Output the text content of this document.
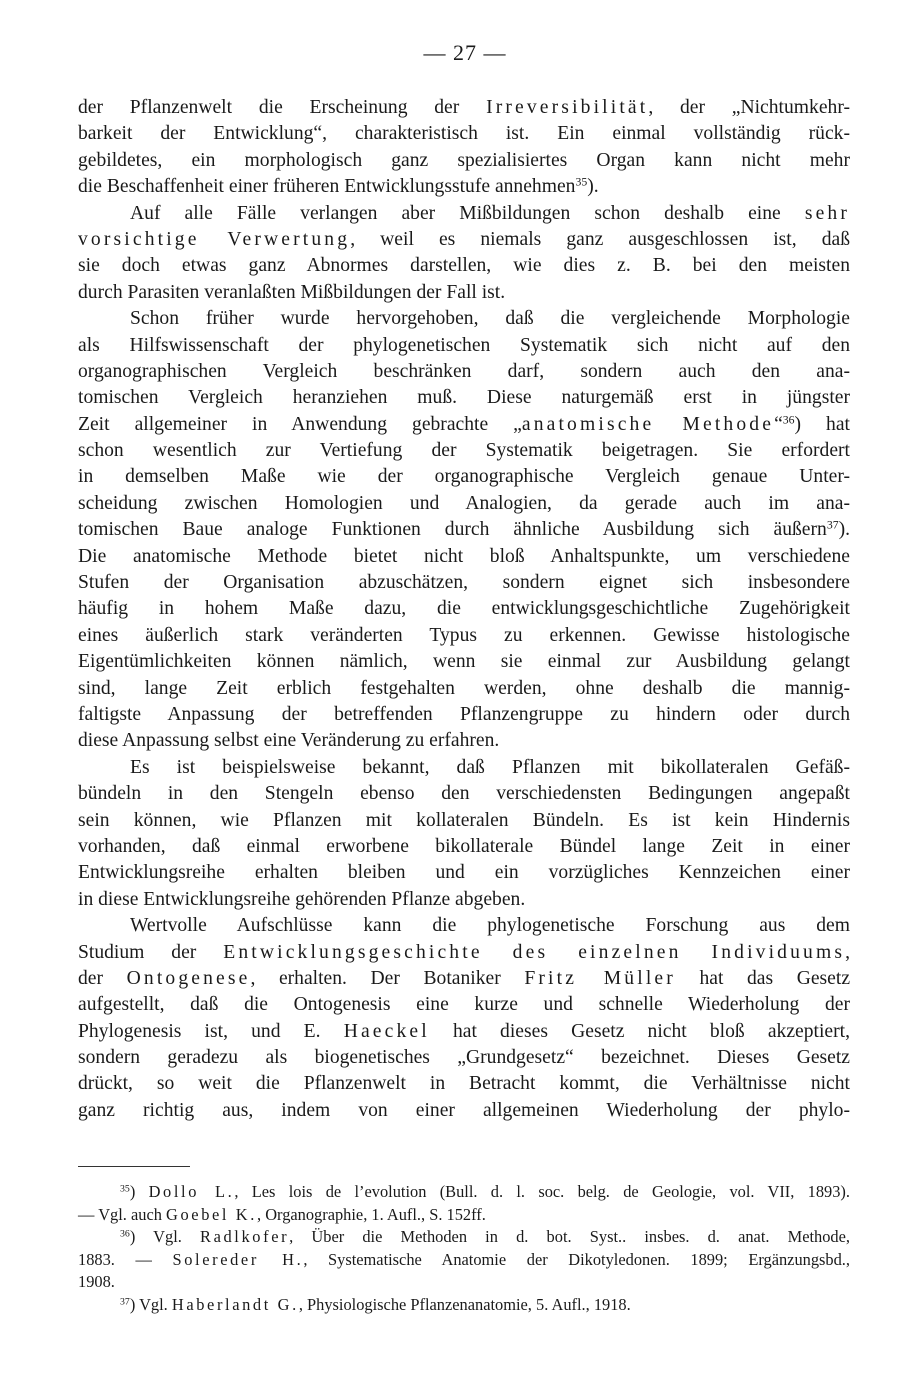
— 27 —
der Pflanzenwelt die Erscheinung der Irreversibilität, der „Nichtumkehr-
barkeit der Entwicklung“, charakteristisch ist. Ein einmal vollständig rück-
gebildetes, ein morphologisch ganz spezialisiertes Organ kann nicht mehr
die Beschaffenheit einer früheren Entwicklungsstufe annehmen$^{35}$).
Auf alle Fälle verlangen aber Mißbildungen schon deshalb eine sehr
vorsichtige Verwertung, weil es niemals ganz ausgeschlossen ist, daß
sie doch etwas ganz Abnormes darstellen, wie dies z. B. bei den meisten
durch Parasiten veranlaßten Mißbildungen der Fall ist.
Schon früher wurde hervorgehoben, daß die vergleichende Morphologie
als Hilfswissenschaft der phylogenetischen Systematik sich nicht auf den
organographischen Vergleich beschränken darf, sondern auch den ana-
tomischen Vergleich heranziehen muß. Diese naturgemäß erst in jüngster
Zeit allgemeiner in Anwendung gebrachte „anatomische Methode“$^{36}$) hat
schon wesentlich zur Vertiefung der Systematik beigetragen. Sie erfordert
in demselben Maße wie der organographische Vergleich genaue Unter-
scheidung zwischen Homologien und Analogien, da gerade auch im ana-
tomischen Baue analoge Funktionen durch ähnliche Ausbildung sich äußern$^{37}$).
Die anatomische Methode bietet nicht bloß Anhaltspunkte, um verschiedene
Stufen der Organisation abzuschätzen, sondern eignet sich insbesondere
häufig in hohem Maße dazu, die entwicklungsgeschichtliche Zugehörigkeit
eines äußerlich stark veränderten Typus zu erkennen. Gewisse histologische
Eigentümlichkeiten können nämlich, wenn sie einmal zur Ausbildung gelangt
sind, lange Zeit erblich festgehalten werden, ohne deshalb die mannig-
faltigste Anpassung der betreffenden Pflanzengruppe zu hindern oder durch
diese Anpassung selbst eine Veränderung zu erfahren.
Es ist beispielsweise bekannt, daß Pflanzen mit bikollateralen Gefäß-
bündeln in den Stengeln ebenso den verschiedensten Bedingungen angepaßt
sein können, wie Pflanzen mit kollateralen Bündeln. Es ist kein Hindernis
vorhanden, daß einmal erworbene bikollaterale Bündel lange Zeit in einer
Entwicklungsreihe erhalten bleiben und ein vorzügliches Kennzeichen einer
in diese Entwicklungsreihe gehörenden Pflanze abgeben.
Wertvolle Aufschlüsse kann die phylogenetische Forschung aus dem
Studium der Entwicklungsgeschichte des einzelnen Individuums,
der Ontogenese, erhalten. Der Botaniker Fritz Müller hat das Gesetz
aufgestellt, daß die Ontogenesis eine kurze und schnelle Wiederholung der
Phylogenesis ist, und E. Haeckel hat dieses Gesetz nicht bloß akzeptiert,
sondern geradezu als biogenetisches „Grundgesetz“ bezeichnet. Dieses Gesetz
drückt, so weit die Pflanzenwelt in Betracht kommt, die Verhältnisse nicht
ganz richtig aus, indem von einer allgemeinen Wiederholung der phylo-
$^{35}$) Dollo L., Les lois de l’evolution (Bull. d. l. soc. belg. de Geologie, vol. VII, 1893).
— Vgl. auch Goebel K., Organographie, 1. Aufl., S. 152ff.
$^{36}$) Vgl. Radlkofer, Über die Methoden in d. bot. Syst.. insbes. d. anat. Methode,
1883. — Solereder H., Systematische Anatomie der Dikotyledonen. 1899; Ergänzungsbd.,
1908.
$^{37}$) Vgl. Haberlandt G., Physiologische Pflanzenanatomie, 5. Aufl., 1918.
